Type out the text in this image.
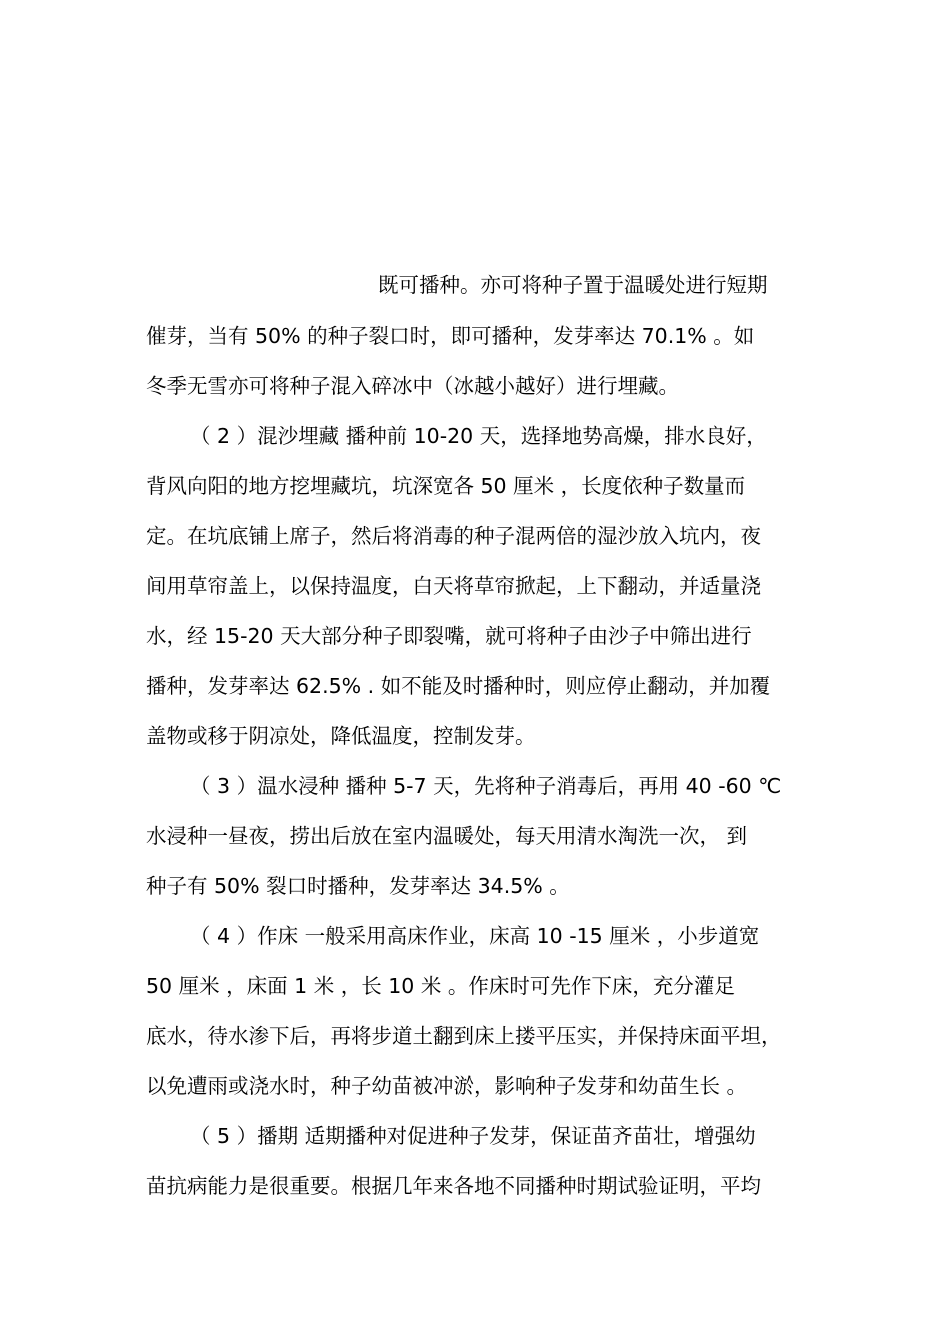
既可播种。亦可将种子置于温暖处进行短期
催芽，当有 50% 的种子裂口时，即可播种，发芽率达 70.1% 。如
冬季无雪亦可将种子混入碎冰中（冰越小越好）进行埋藏。
（ 2 ）混沙埋藏 播种前 10-20 天，选择地势高燥，排水良好，
背风向阳的地方挖埋藏坑，坑深宽各 50 厘米 ，长度依种子数量而
定。在坑底铺上席子，然后将消毒的种子混两倍的湿沙放入坑内，夜
间用草帘盖上，以保持温度，白天将草帘掀起，上下翻动，并适量浇
水，经 15-20 天大部分种子即裂嘴，就可将种子由沙子中筛出进行
播种，发芽率达 62.5% . 如不能及时播种时，则应停止翻动，并加覆
盖物或移于阴凉处，降低温度，控制发芽。
（ 3 ）温水浸种 播种 5-7 天，先将种子消毒后，再用 40 -60 ℃
水浸种一昼夜，捞出后放在室内温暖处，每天用清水淘洗一次， 到
种子有 50% 裂口时播种，发芽率达 34.5% 。
（ 4 ）作床 一般采用高床作业，床高 10 -15 厘米 ，小步道宽
50 厘米 ，床面 1 米 ，长 10 米 。作床时可先作下床，充分灌足
底水，待水渗下后，再将步道土翻到床上搂平压实，并保持床面平坦，
以免遭雨或浇水时，种子幼苗被冲淤，影响种子发芽和幼苗生长 。
（ 5 ）播期 适期播种对促进种子发芽，保证苗齐苗壮，增强幼
苗抗病能力是很重要。根据几年来各地不同播种时期试验证明，平均
